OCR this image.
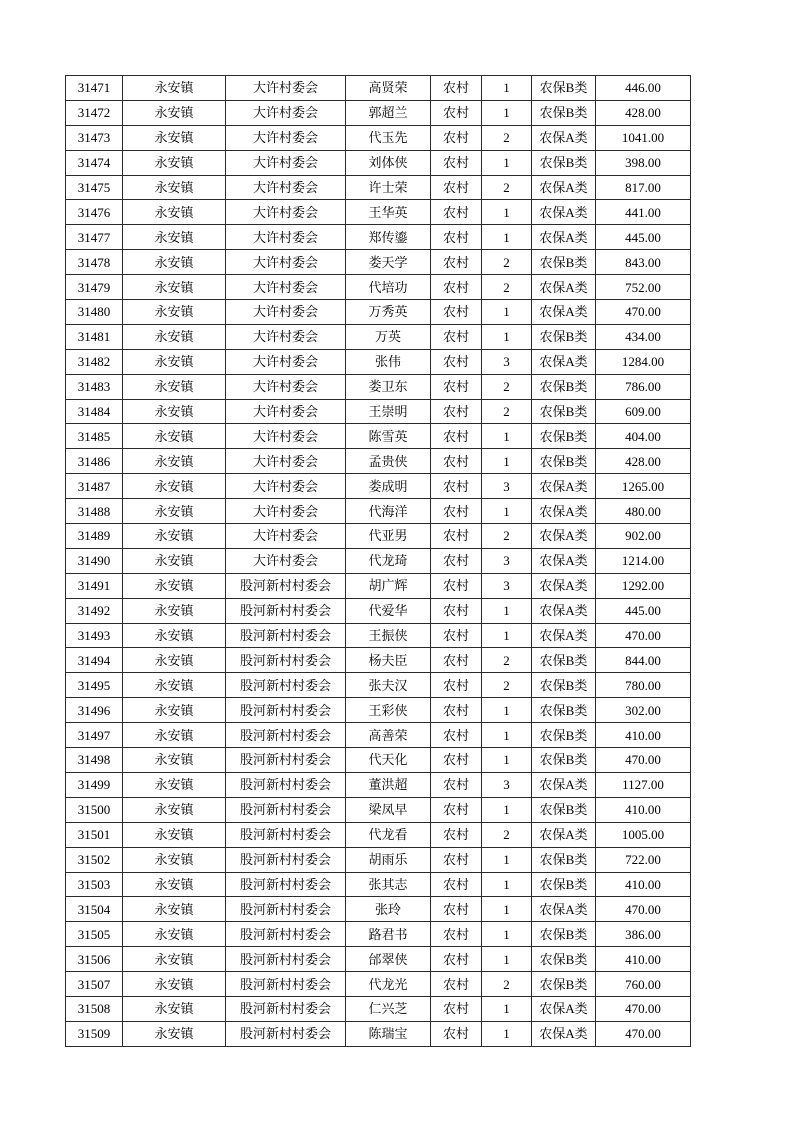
31471	永安镇	大许村委会	高贤荣	农村	1	农保B类	446.00
31472	永安镇	大许村委会	郭超兰	农村	1	农保B类	428.00
31473	永安镇	大许村委会	代玉先	农村	2	农保A类	1041.00
31474	永安镇	大许村委会	刘体侠	农村	1	农保B类	398.00
31475	永安镇	大许村委会	许士荣	农村	2	农保A类	817.00
31476	永安镇	大许村委会	王华英	农村	1	农保A类	441.00
31477	永安镇	大许村委会	郑传鎏	农村	1	农保A类	445.00
31478	永安镇	大许村委会	娄天学	农村	2	农保B类	843.00
31479	永安镇	大许村委会	代培功	农村	2	农保A类	752.00
31480	永安镇	大许村委会	万秀英	农村	1	农保A类	470.00
31481	永安镇	大许村委会	万英	农村	1	农保B类	434.00
31482	永安镇	大许村委会	张伟	农村	3	农保A类	1284.00
31483	永安镇	大许村委会	娄卫东	农村	2	农保B类	786.00
31484	永安镇	大许村委会	王崇明	农村	2	农保B类	609.00
31485	永安镇	大许村委会	陈雪英	农村	1	农保B类	404.00
31486	永安镇	大许村委会	孟贵侠	农村	1	农保B类	428.00
31487	永安镇	大许村委会	娄成明	农村	3	农保A类	1265.00
31488	永安镇	大许村委会	代海洋	农村	1	农保A类	480.00
31489	永安镇	大许村委会	代亚男	农村	2	农保A类	902.00
31490	永安镇	大许村委会	代龙琦	农村	3	农保A类	1214.00
31491	永安镇	股河新村村委会	胡广辉	农村	3	农保A类	1292.00
31492	永安镇	股河新村村委会	代爱华	农村	1	农保A类	445.00
31493	永安镇	股河新村村委会	王振侠	农村	1	农保A类	470.00
31494	永安镇	股河新村村委会	杨夫臣	农村	2	农保B类	844.00
31495	永安镇	股河新村村委会	张夫汉	农村	2	农保B类	780.00
31496	永安镇	股河新村村委会	王彩侠	农村	1	农保B类	302.00
31497	永安镇	股河新村村委会	高善荣	农村	1	农保B类	410.00
31498	永安镇	股河新村村委会	代天化	农村	1	农保B类	470.00
31499	永安镇	股河新村村委会	董洪超	农村	3	农保A类	1127.00
31500	永安镇	股河新村村委会	梁凤早	农村	1	农保B类	410.00
31501	永安镇	股河新村村委会	代龙看	农村	2	农保A类	1005.00
31502	永安镇	股河新村村委会	胡雨乐	农村	1	农保B类	722.00
31503	永安镇	股河新村村委会	张其志	农村	1	农保B类	410.00
31504	永安镇	股河新村村委会	张玲	农村	1	农保A类	470.00
31505	永安镇	股河新村村委会	路君书	农村	1	农保B类	386.00
31506	永安镇	股河新村村委会	邰翠侠	农村	1	农保B类	410.00
31507	永安镇	股河新村村委会	代龙光	农村	2	农保B类	760.00
31508	永安镇	股河新村村委会	仁兴芝	农村	1	农保A类	470.00
31509	永安镇	股河新村村委会	陈瑞宝	农村	1	农保A类	470.00
